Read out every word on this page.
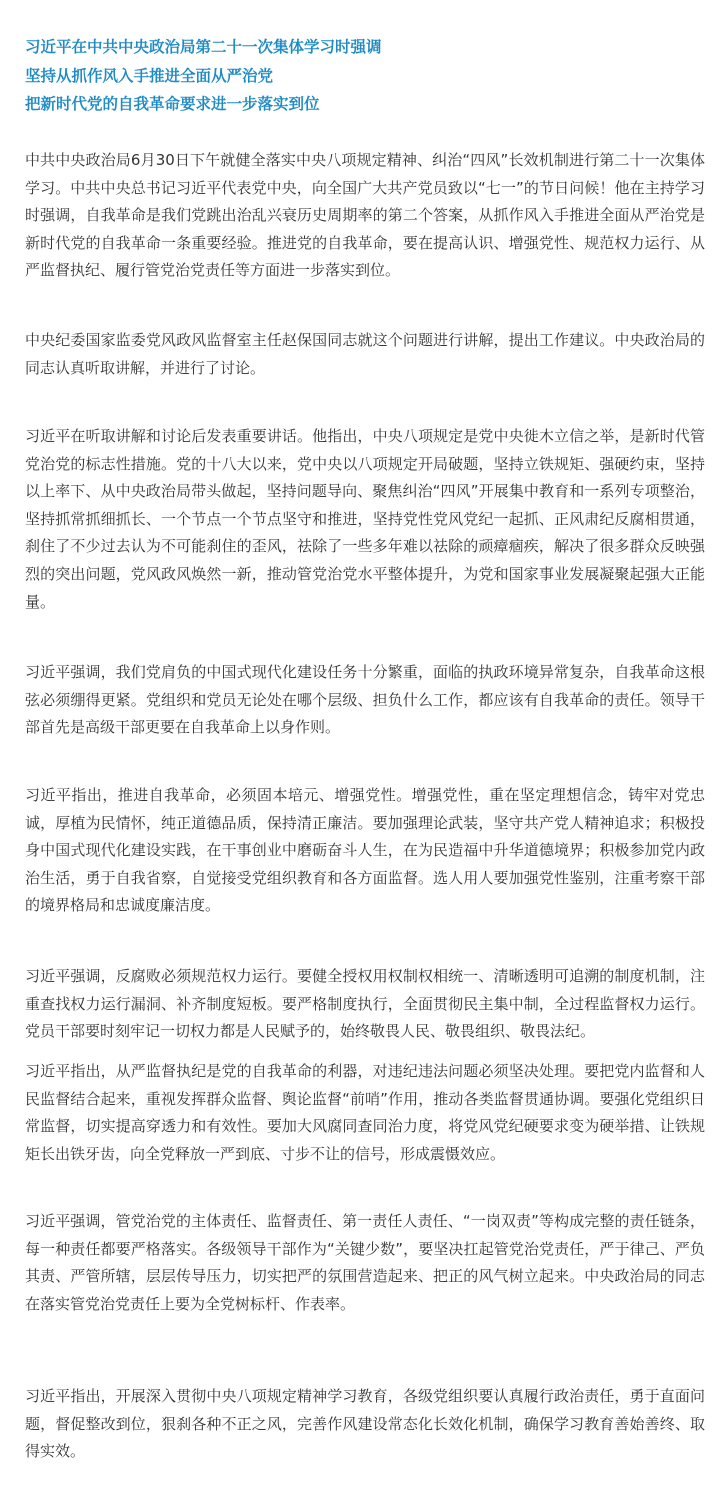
习近平在中共中央政治局第二十一次集体学习时强调
坚持从抓作风入手推进全面从严治党
把新时代党的自我革命要求进一步落实到位

中共中央政治局6月30日下午就健全落实中央八项规定精神、纠治“四风”长效机制进行第二十一次集体学习。中共中央总书记习近平代表党中央，向全国广大共产党员致以“七一”的节日问候！他在主持学习时强调，自我革命是我们党跳出治乱兴衰历史周期率的第二个答案，从抓作风入手推进全面从严治党是新时代党的自我革命一条重要经验。推进党的自我革命，要在提高认识、增强党性、规范权力运行、从严监督执纪、履行管党治党责任等方面进一步落实到位。

中央纪委国家监委党风政风监督室主任赵保国同志就这个问题进行讲解，提出工作建议。中央政治局的同志认真听取讲解，并进行了讨论。

习近平在听取讲解和讨论后发表重要讲话。他指出，中央八项规定是党中央徙木立信之举，是新时代管党治党的标志性措施。党的十八大以来，党中央以八项规定开局破题，坚持立铁规矩、强硬约束，坚持以上率下、从中央政治局带头做起，坚持问题导向、聚焦纠治“四风”开展集中教育和一系列专项整治，坚持抓常抓细抓长、一个节点一个节点坚守和推进，坚持党性党风党纪一起抓、正风肃纪反腐相贯通，刹住了不少过去认为不可能刹住的歪风，祛除了一些多年难以祛除的顽瘴痼疾，解决了很多群众反映强烈的突出问题，党风政风焕然一新，推动管党治党水平整体提升，为党和国家事业发展凝聚起强大正能量。

习近平强调，我们党肩负的中国式现代化建设任务十分繁重，面临的执政环境异常复杂，自我革命这根弦必须绷得更紧。党组织和党员无论处在哪个层级、担负什么工作，都应该有自我革命的责任。领导干部首先是高级干部更要在自我革命上以身作则。

习近平指出，推进自我革命，必须固本培元、增强党性。增强党性，重在坚定理想信念，铸牢对党忠诚，厚植为民情怀，纯正道德品质，保持清正廉洁。要加强理论武装，坚守共产党人精神追求；积极投身中国式现代化建设实践，在干事创业中磨砺奋斗人生，在为民造福中升华道德境界；积极参加党内政治生活，勇于自我省察，自觉接受党组织教育和各方面监督。选人用人要加强党性鉴别，注重考察干部的境界格局和忠诚度廉洁度。

习近平强调，反腐败必须规范权力运行。要健全授权用权制权相统一、清晰透明可追溯的制度机制，注重查找权力运行漏洞、补齐制度短板。要严格制度执行，全面贯彻民主集中制，全过程监督权力运行。党员干部要时刻牢记一切权力都是人民赋予的，始终敬畏人民、敬畏组织、敬畏法纪。

习近平指出，从严监督执纪是党的自我革命的利器，对违纪违法问题必须坚决处理。要把党内监督和人民监督结合起来，重视发挥群众监督、舆论监督“前哨”作用，推动各类监督贯通协调。要强化党组织日常监督，切实提高穿透力和有效性。要加大风腐同查同治力度，将党风党纪硬要求变为硬举措、让铁规矩长出铁牙齿，向全党释放一严到底、寸步不让的信号，形成震慑效应。

习近平强调，管党治党的主体责任、监督责任、第一责任人责任、“一岗双责”等构成完整的责任链条，每一种责任都要严格落实。各级领导干部作为“关键少数”，要坚决扛起管党治党责任，严于律己、严负其责、严管所辖，层层传导压力，切实把严的氛围营造起来、把正的风气树立起来。中央政治局的同志在落实管党治党责任上要为全党树标杆、作表率。

习近平指出，开展深入贯彻中央八项规定精神学习教育，各级党组织要认真履行政治责任，勇于直面问题，督促整改到位，狠刹各种不正之风，完善作风建设常态化长效化机制，确保学习教育善始善终、取得实效。
